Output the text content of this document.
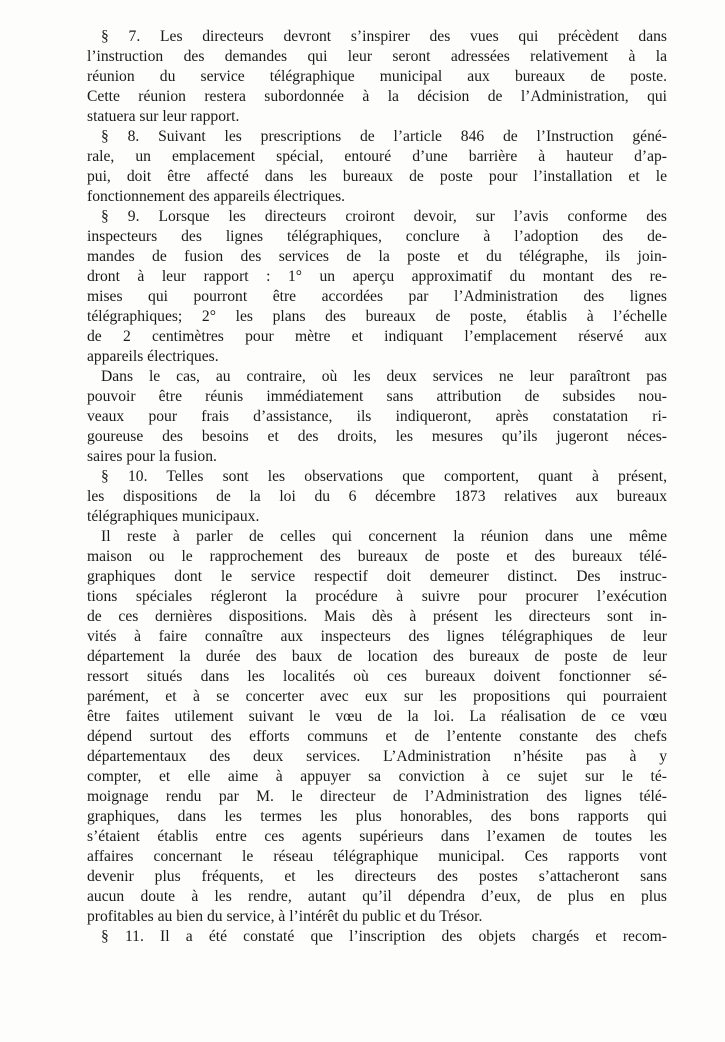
§ 7. Les directeurs devront s’inspirer des vues qui précèdent dans
l’instruction des demandes qui leur seront adressées relativement à la
réunion du service télégraphique municipal aux bureaux de poste.
Cette réunion restera subordonnée à la décision de l’Administration, qui
statuera sur leur rapport.
§ 8. Suivant les prescriptions de l’article 846 de l’Instruction géné-
rale, un emplacement spécial, entouré d’une barrière à hauteur d’ap-
pui, doit être affecté dans les bureaux de poste pour l’installation et le
fonctionnement des appareils électriques.
§ 9. Lorsque les directeurs croiront devoir, sur l’avis conforme des
inspecteurs des lignes télégraphiques, conclure à l’adoption des de-
mandes de fusion des services de la poste et du télégraphe, ils join-
dront à leur rapport : 1° un aperçu approximatif du montant des re-
mises qui pourront être accordées par l’Administration des lignes
télégraphiques; 2° les plans des bureaux de poste, établis à l’échelle
de 2 centimètres pour mètre et indiquant l’emplacement réservé aux
appareils électriques.
Dans le cas, au contraire, où les deux services ne leur paraîtront pas
pouvoir être réunis immédiatement sans attribution de subsides nou-
veaux pour frais d’assistance, ils indiqueront, après constatation ri-
goureuse des besoins et des droits, les mesures qu’ils jugeront néces-
saires pour la fusion.
§ 10. Telles sont les observations que comportent, quant à présent,
les dispositions de la loi du 6 décembre 1873 relatives aux bureaux
télégraphiques municipaux.
Il reste à parler de celles qui concernent la réunion dans une même
maison ou le rapprochement des bureaux de poste et des bureaux télé-
graphiques dont le service respectif doit demeurer distinct. Des instruc-
tions spéciales régleront la procédure à suivre pour procurer l’exécution
de ces dernières dispositions. Mais dès à présent les directeurs sont in-
vités à faire connaître aux inspecteurs des lignes télégraphiques de leur
département la durée des baux de location des bureaux de poste de leur
ressort situés dans les localités où ces bureaux doivent fonctionner sé-
parément, et à se concerter avec eux sur les propositions qui pourraient
être faites utilement suivant le vœu de la loi. La réalisation de ce vœu
dépend surtout des efforts communs et de l’entente constante des chefs
départementaux des deux services. L’Administration n’hésite pas à y
compter, et elle aime à appuyer sa conviction à ce sujet sur le té-
moignage rendu par M. le directeur de l’Administration des lignes télé-
graphiques, dans les termes les plus honorables, des bons rapports qui
s’étaient établis entre ces agents supérieurs dans l’examen de toutes les
affaires concernant le réseau télégraphique municipal. Ces rapports vont
devenir plus fréquents, et les directeurs des postes s’attacheront sans
aucun doute à les rendre, autant qu’il dépendra d’eux, de plus en plus
profitables au bien du service, à l’intérêt du public et du Trésor.
§ 11. Il a été constaté que l’inscription des objets chargés et recom-
